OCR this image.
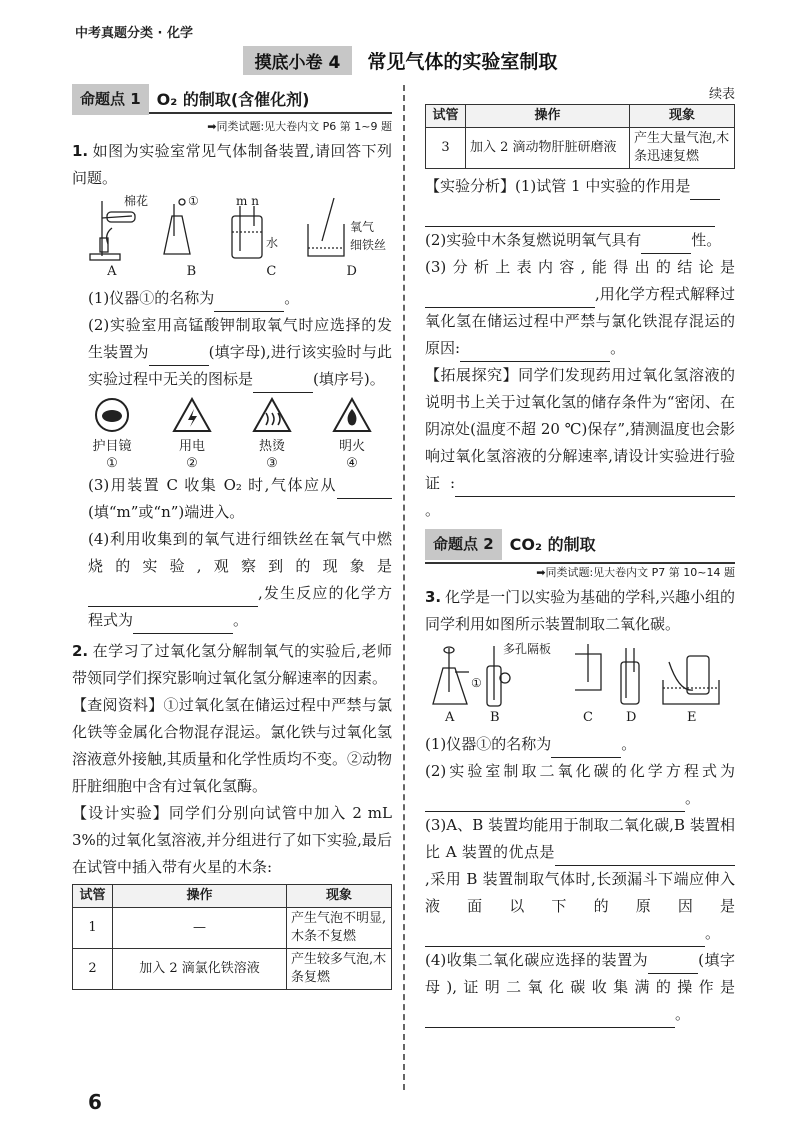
中考真题分类 · 化学
摸底小卷 4 常见气体的实验室制取
命题点 1	O₂ 的制取(含催化剂)
➡同类试题:见大卷内文 P6 第 1~9 题
1. 如图为实验室常见气体制备装置,请回答下列问题。
棉花	①	m n
水
氧气
细铁丝
A	B	C	D
(1)仪器①的名称为	。
(2)实验室用高锰酸钾制取氧气时应选择的发生装置为	(填字母),进行该实验时与此实验过程中无关的图标是	(填序号)。
护目镜
①
用电
②
热烫
③
明火
④
(3)用装置 C 收集 O₂ 时,气体应从(填“m”或“n”)端进入。
(4)利用收集到的氧气进行细铁丝在氧气中燃烧的实验,观察到的现象是,发生反应的化学方程式为	。
2. 在学习了过氧化氢分解制氧气的实验后,老师带领同学们探究影响过氧化氢分解速率的因素。
【查阅资料】①过氧化氢在储运过程中严禁与氯化铁等金属化合物混存混运。氯化铁与过氧化氢溶液意外接触,其质量和化学性质均不变。②动物肝脏细胞中含有过氧化氢酶。
【设计实验】同学们分别向试管中加入 2 mL 3%的过氧化氢溶液,并分组进行了如下实验,最后在试管中插入带有火星的木条:
试管	操作	现象
1	—	产生气泡不明显,木条不复燃
2	加入 2 滴氯化铁溶液	产生较多气泡,木条复燃
续表
试管	操作	现象
3	加入 2 滴动物肝脏研磨液	产生大量气泡,木条迅速复燃
【实验分析】(1)试管 1 中实验的作用是

(2)实验中木条复燃说明氧气具有	性。
(3)分析上表内容,能得出的结论是,用化学方程式解释过氧化氢在储运过程中严禁与氯化铁混存混运的原因:	。
【拓展探究】同学们发现药用过氧化氢溶液的说明书上关于过氧化氢的储存条件为“密闭、在阴凉处(温度不超 20 ℃)保存”,猜测温度也会影响过氧化氢溶液的分解速率,请设计实验进行验证:。
命题点 2	CO₂ 的制取
➡同类试题:见大卷内文 P7 第 10~14 题
3. 化学是一门以实验为基础的学科,兴趣小组的同学利用如图所示装置制取二氧化碳。
多孔隔板
①
A	B	C	D	E
(1)仪器①的名称为	。
(2)实验室制取二氧化碳的化学方程式为。
(3)A、B 装置均能用于制取二氧化碳,B 装置相比 A 装置的优点是,采用 B 装置制取气体时,长颈漏斗下端应伸入液面以下的原因是。
(4)收集二氧化碳应选择的装置为	(填字母),证明二氧化碳收集满的操作是。
6
